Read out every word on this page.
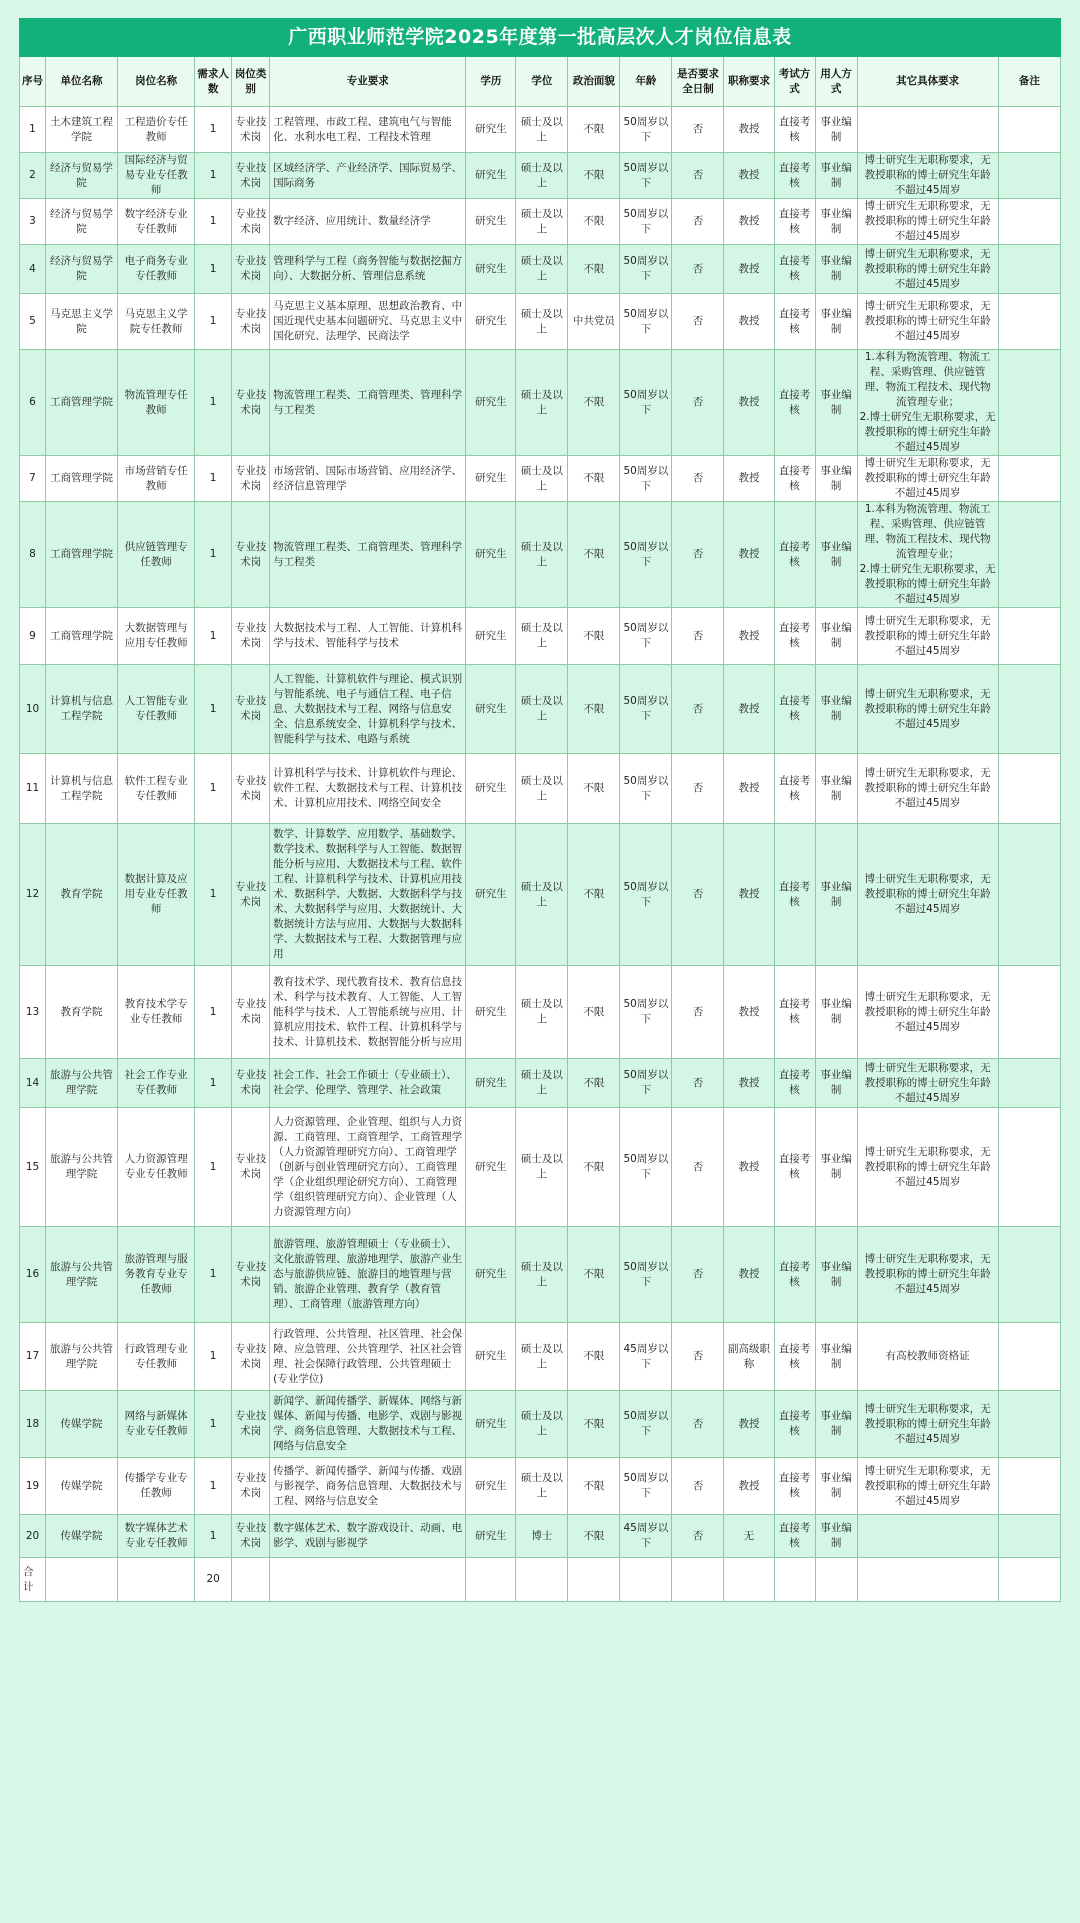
广西职业师范学院2025年度第一批高层次人才岗位信息表															
序号	单位名称	岗位名称	需求人数	岗位类别	专业要求	学历	学位	政治面貌	年龄	是否要求全日制	职称要求	考试方式	用人方式	其它具体要求	备注
1	土木建筑工程学院	工程造价专任教师	1	专业技术岗	工程管理、市政工程、建筑电气与智能化、水利水电工程、工程技术管理	研究生	硕士及以上	不限	50周岁以下	否	教授	直接考核	事业编制		
2	经济与贸易学院	国际经济与贸易专业专任教师	1	专业技术岗	区域经济学、产业经济学、国际贸易学、国际商务	研究生	硕士及以上	不限	50周岁以下	否	教授	直接考核	事业编制	博士研究生无职称要求，无教授职称的博士研究生年龄不超过45周岁	
3	经济与贸易学院	数字经济专业专任教师	1	专业技术岗	数字经济、应用统计、数量经济学	研究生	硕士及以上	不限	50周岁以下	否	教授	直接考核	事业编制	博士研究生无职称要求，无教授职称的博士研究生年龄不超过45周岁	
4	经济与贸易学院	电子商务专业专任教师	1	专业技术岗	管理科学与工程（商务智能与数据挖掘方向）、大数据分析、管理信息系统	研究生	硕士及以上	不限	50周岁以下	否	教授	直接考核	事业编制	博士研究生无职称要求，无教授职称的博士研究生年龄不超过45周岁	
5	马克思主义学院	马克思主义学院专任教师	1	专业技术岗	马克思主义基本原理、思想政治教育、中国近现代史基本问题研究、马克思主义中国化研究、法理学、民商法学	研究生	硕士及以上	中共党员	50周岁以下	否	教授	直接考核	事业编制	博士研究生无职称要求，无教授职称的博士研究生年龄不超过45周岁	
6	工商管理学院	物流管理专任教师	1	专业技术岗	物流管理工程类、工商管理类、管理科学与工程类	研究生	硕士及以上	不限	50周岁以下	否	教授	直接考核	事业编制	1.本科为物流管理、物流工程、采购管理、供应链管理、物流工程技术、现代物流管理专业；
2.博士研究生无职称要求，无教授职称的博士研究生年龄不超过45周岁	
7	工商管理学院	市场营销专任教师	1	专业技术岗	市场营销、国际市场营销、应用经济学、经济信息管理学	研究生	硕士及以上	不限	50周岁以下	否	教授	直接考核	事业编制	博士研究生无职称要求，无教授职称的博士研究生年龄不超过45周岁	
8	工商管理学院	供应链管理专任教师	1	专业技术岗	物流管理工程类、工商管理类、管理科学与工程类	研究生	硕士及以上	不限	50周岁以下	否	教授	直接考核	事业编制	1.本科为物流管理、物流工程、采购管理、供应链管理、物流工程技术、现代物流管理专业；
2.博士研究生无职称要求，无教授职称的博士研究生年龄不超过45周岁	
9	工商管理学院	大数据管理与应用专任教师	1	专业技术岗	大数据技术与工程、人工智能、计算机科学与技术、智能科学与技术	研究生	硕士及以上	不限	50周岁以下	否	教授	直接考核	事业编制	博士研究生无职称要求，无教授职称的博士研究生年龄不超过45周岁	
10	计算机与信息工程学院	人工智能专业专任教师	1	专业技术岗	人工智能、计算机软件与理论、模式识别与智能系统、电子与通信工程、电子信息、大数据技术与工程、网络与信息安全、信息系统安全、计算机科学与技术、智能科学与技术、电路与系统	研究生	硕士及以上	不限	50周岁以下	否	教授	直接考核	事业编制	博士研究生无职称要求，无教授职称的博士研究生年龄不超过45周岁	
11	计算机与信息工程学院	软件工程专业专任教师	1	专业技术岗	计算机科学与技术、计算机软件与理论、软件工程、大数据技术与工程、计算机技术、计算机应用技术、网络空间安全	研究生	硕士及以上	不限	50周岁以下	否	教授	直接考核	事业编制	博士研究生无职称要求，无教授职称的博士研究生年龄不超过45周岁	
12	教育学院	数据计算及应用专业专任教师	1	专业技术岗	数学、计算数学、应用数学、基础数学、数学技术、数据科学与人工智能、数据智能分析与应用、大数据技术与工程、软件工程、计算机科学与技术、计算机应用技术、数据科学、大数据、大数据科学与技术、大数据科学与应用、大数据统计、大数据统计方法与应用、大数据与大数据科学、大数据技术与工程、大数据管理与应用	研究生	硕士及以上	不限	50周岁以下	否	教授	直接考核	事业编制	博士研究生无职称要求，无教授职称的博士研究生年龄不超过45周岁	
13	教育学院	教育技术学专业专任教师	1	专业技术岗	教育技术学、现代教育技术、教育信息技术、科学与技术教育、人工智能、人工智能科学与技术、人工智能系统与应用、计算机应用技术、软件工程、计算机科学与技术、计算机技术、数据智能分析与应用	研究生	硕士及以上	不限	50周岁以下	否	教授	直接考核	事业编制	博士研究生无职称要求，无教授职称的博士研究生年龄不超过45周岁	
14	旅游与公共管理学院	社会工作专业专任教师	1	专业技术岗	社会工作、社会工作硕士（专业硕士）、社会学、伦理学、管理学、社会政策	研究生	硕士及以上	不限	50周岁以下	否	教授	直接考核	事业编制	博士研究生无职称要求，无教授职称的博士研究生年龄不超过45周岁	
15	旅游与公共管理学院	人力资源管理专业专任教师	1	专业技术岗	人力资源管理、企业管理、组织与人力资源、工商管理、工商管理学、工商管理学（人力资源管理研究方向）、工商管理学（创新与创业管理研究方向）、工商管理学（企业组织理论研究方向）、工商管理学（组织管理研究方向）、企业管理（人力资源管理方向）	研究生	硕士及以上	不限	50周岁以下	否	教授	直接考核	事业编制	博士研究生无职称要求，无教授职称的博士研究生年龄不超过45周岁	
16	旅游与公共管理学院	旅游管理与服务教育专业专任教师	1	专业技术岗	旅游管理、旅游管理硕士（专业硕士）、文化旅游管理、旅游地理学、旅游产业生态与旅游供应链、旅游目的地管理与营销、旅游企业管理、教育学（教育管理）、工商管理（旅游管理方向）	研究生	硕士及以上	不限	50周岁以下	否	教授	直接考核	事业编制	博士研究生无职称要求，无教授职称的博士研究生年龄不超过45周岁	
17	旅游与公共管理学院	行政管理专业专任教师	1	专业技术岗	行政管理、公共管理、社区管理、社会保障、应急管理、公共管理学、社区社会管理、社会保障行政管理、公共管理硕士(专业学位)	研究生	硕士及以上	不限	45周岁以下	否	副高级职称	直接考核	事业编制	有高校教师资格证	
18	传媒学院	网络与新媒体专业专任教师	1	专业技术岗	新闻学、新闻传播学、新媒体、网络与新媒体、新闻与传播、电影学、戏剧与影视学、商务信息管理、大数据技术与工程、网络与信息安全	研究生	硕士及以上	不限	50周岁以下	否	教授	直接考核	事业编制	博士研究生无职称要求，无教授职称的博士研究生年龄不超过45周岁	
19	传媒学院	传播学专业专任教师	1	专业技术岗	传播学、新闻传播学、新闻与传播、戏剧与影视学、商务信息管理、大数据技术与工程、网络与信息安全	研究生	硕士及以上	不限	50周岁以下	否	教授	直接考核	事业编制	博士研究生无职称要求，无教授职称的博士研究生年龄不超过45周岁	
20	传媒学院	数字媒体艺术专业专任教师	1	专业技术岗	数字媒体艺术、数字游戏设计、动画、电影学、戏剧与影视学	研究生	博士	不限	45周岁以下	否	无	直接考核	事业编制		
合计			20												
